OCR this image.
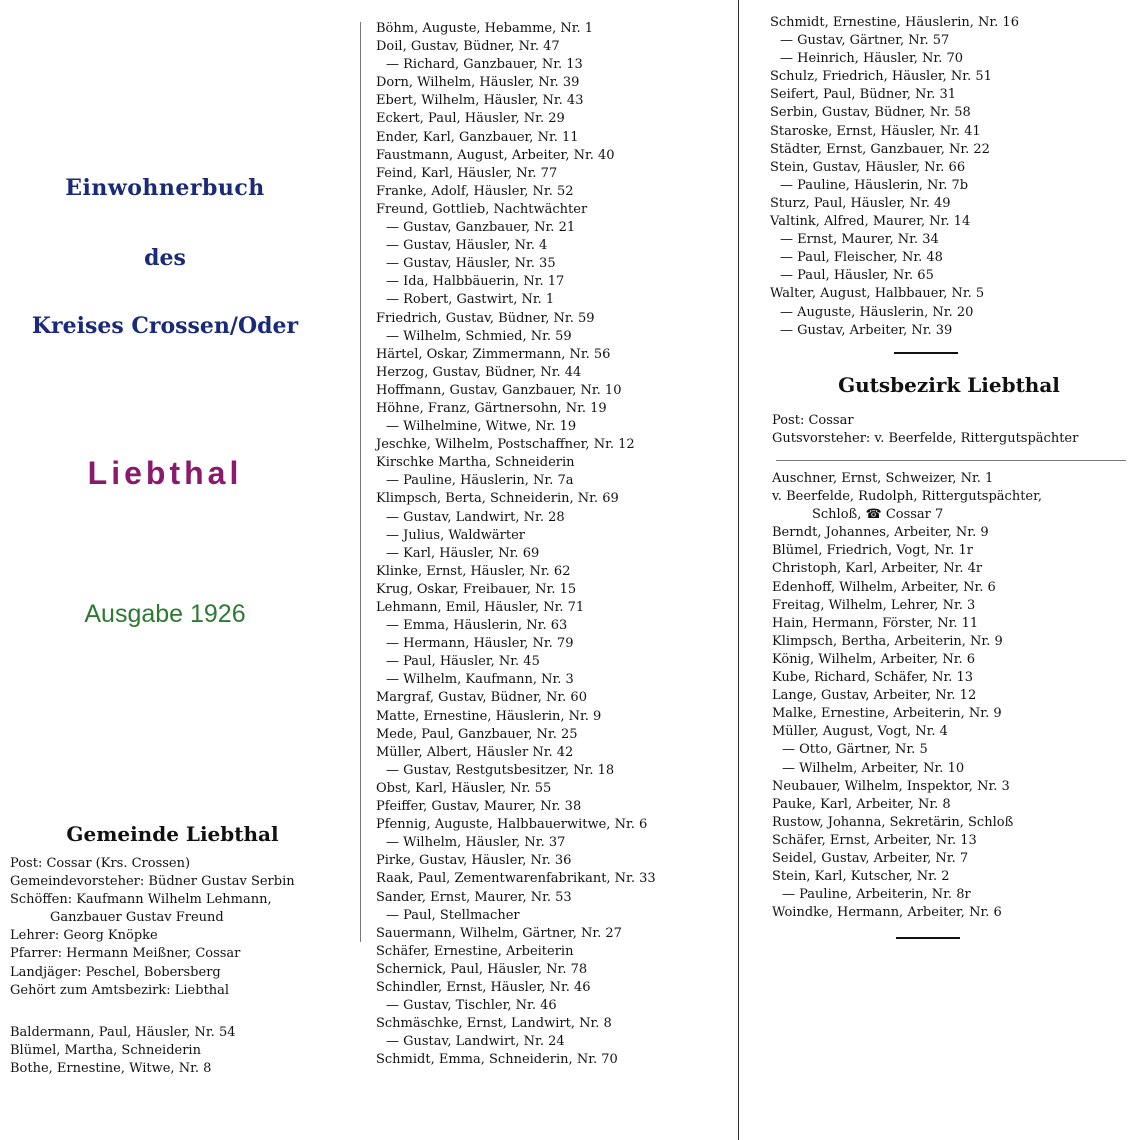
Einwohnerbuch
des
Kreises Crossen/Oder
Liebthal
Ausgabe 1926
Gemeinde Liebthal
Post: Cossar (Krs. Crossen)
Gemeindevorsteher: Büdner Gustav Serbin
Schöffen: Kaufmann Wilhelm Lehmann,
Ganzbauer Gustav Freund
Lehrer: Georg Knöpke
Pfarrer: Hermann Meißner, Cossar
Landjäger: Peschel, Bobersberg
Gehört zum Amtsbezirk: Liebthal
Baldermann, Paul, Häusler, Nr. 54
Blümel, Martha, Schneiderin
Bothe, Ernestine, Witwe, Nr. 8
Böhm, Auguste, Hebamme, Nr. 1
Doil, Gustav, Büdner, Nr. 47
— Richard, Ganzbauer, Nr. 13
Dorn, Wilhelm, Häusler, Nr. 39
Ebert, Wilhelm, Häusler, Nr. 43
Eckert, Paul, Häusler, Nr. 29
Ender, Karl, Ganzbauer, Nr. 11
Faustmann, August, Arbeiter, Nr. 40
Feind, Karl, Häusler, Nr. 77
Franke, Adolf, Häusler, Nr. 52
Freund, Gottlieb, Nachtwächter
— Gustav, Ganzbauer, Nr. 21
— Gustav, Häusler, Nr. 4
— Gustav, Häusler, Nr. 35
— Ida, Halbbäuerin, Nr. 17
— Robert, Gastwirt, Nr. 1
Friedrich, Gustav, Büdner, Nr. 59
— Wilhelm, Schmied, Nr. 59
Härtel, Oskar, Zimmermann, Nr. 56
Herzog, Gustav, Büdner, Nr. 44
Hoffmann, Gustav, Ganzbauer, Nr. 10
Höhne, Franz, Gärtnersohn, Nr. 19
— Wilhelmine, Witwe, Nr. 19
Jeschke, Wilhelm, Postschaffner, Nr. 12
Kirschke Martha, Schneiderin
— Pauline, Häuslerin, Nr. 7a
Klimpsch, Berta, Schneiderin, Nr. 69
— Gustav, Landwirt, Nr. 28
— Julius, Waldwärter
— Karl, Häusler, Nr. 69
Klinke, Ernst, Häusler, Nr. 62
Krug, Oskar, Freibauer, Nr. 15
Lehmann, Emil, Häusler, Nr. 71
— Emma, Häuslerin, Nr. 63
— Hermann, Häusler, Nr. 79
— Paul, Häusler, Nr. 45
— Wilhelm, Kaufmann, Nr. 3
Margraf, Gustav, Büdner, Nr. 60
Matte, Ernestine, Häuslerin, Nr. 9
Mede, Paul, Ganzbauer, Nr. 25
Müller, Albert, Häusler Nr. 42
— Gustav, Restgutsbesitzer, Nr. 18
Obst, Karl, Häusler, Nr. 55
Pfeiffer, Gustav, Maurer, Nr. 38
Pfennig, Auguste, Halbbauerwitwe, Nr. 6
— Wilhelm, Häusler, Nr. 37
Pirke, Gustav, Häusler, Nr. 36
Raak, Paul, Zementwarenfabrikant, Nr. 33
Sander, Ernst, Maurer, Nr. 53
— Paul, Stellmacher
Sauermann, Wilhelm, Gärtner, Nr. 27
Schäfer, Ernestine, Arbeiterin
Schernick, Paul, Häusler, Nr. 78
Schindler, Ernst, Häusler, Nr. 46
— Gustav, Tischler, Nr. 46
Schmäschke, Ernst, Landwirt, Nr. 8
— Gustav, Landwirt, Nr. 24
Schmidt, Emma, Schneiderin, Nr. 70
Schmidt, Ernestine, Häuslerin, Nr. 16
— Gustav, Gärtner, Nr. 57
— Heinrich, Häusler, Nr. 70
Schulz, Friedrich, Häusler, Nr. 51
Seifert, Paul, Büdner, Nr. 31
Serbin, Gustav, Büdner, Nr. 58
Staroske, Ernst, Häusler, Nr. 41
Städter, Ernst, Ganzbauer, Nr. 22
Stein, Gustav, Häusler, Nr. 66
— Pauline, Häuslerin, Nr. 7b
Sturz, Paul, Häusler, Nr. 49
Valtink, Alfred, Maurer, Nr. 14
— Ernst, Maurer, Nr. 34
— Paul, Fleischer, Nr. 48
— Paul, Häusler, Nr. 65
Walter, August, Halbbauer, Nr. 5
— Auguste, Häuslerin, Nr. 20
— Gustav, Arbeiter, Nr. 39
Gutsbezirk Liebthal
Post: Cossar
Gutsvorsteher: v. Beerfelde, Rittergutspächter
Auschner, Ernst, Schweizer, Nr. 1
v. Beerfelde, Rudolph, Rittergutspächter,
Schloß, ☎ Cossar 7
Berndt, Johannes, Arbeiter, Nr. 9
Blümel, Friedrich, Vogt, Nr. 1r
Christoph, Karl, Arbeiter, Nr. 4r
Edenhoff, Wilhelm, Arbeiter, Nr. 6
Freitag, Wilhelm, Lehrer, Nr. 3
Hain, Hermann, Förster, Nr. 11
Klimpsch, Bertha, Arbeiterin, Nr. 9
König, Wilhelm, Arbeiter, Nr. 6
Kube, Richard, Schäfer, Nr. 13
Lange, Gustav, Arbeiter, Nr. 12
Malke, Ernestine, Arbeiterin, Nr. 9
Müller, August, Vogt, Nr. 4
— Otto, Gärtner, Nr. 5
— Wilhelm, Arbeiter, Nr. 10
Neubauer, Wilhelm, Inspektor, Nr. 3
Pauke, Karl, Arbeiter, Nr. 8
Rustow, Johanna, Sekretärin, Schloß
Schäfer, Ernst, Arbeiter, Nr. 13
Seidel, Gustav, Arbeiter, Nr. 7
Stein, Karl, Kutscher, Nr. 2
— Pauline, Arbeiterin, Nr. 8r
Woindke, Hermann, Arbeiter, Nr. 6
